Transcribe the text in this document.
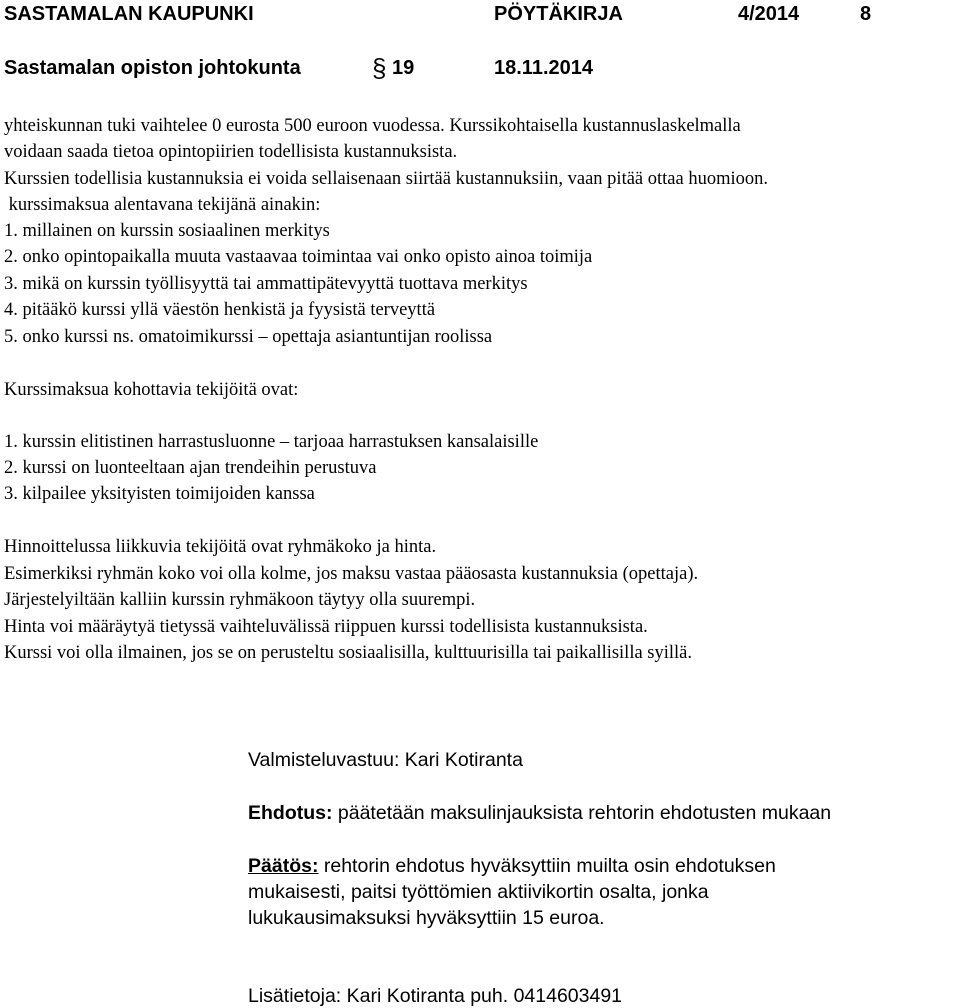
SASTAMALAN KAUPUNKI	PÖYTÄKIRJA	4/2014	8
Sastamalan opiston johtokunta	§ 19	18.11.2014
yhteiskunnan tuki vaihtelee 0 eurosta 500 euroon vuodessa. Kurssikohtaisella kustannuslaskelmalla
voidaan saada tietoa opintopiirien todellisista kustannuksista.
Kurssien todellisia kustannuksia ei voida sellaisenaan siirtää kustannuksiin, vaan pitää ottaa huomioon.
kurssimaksua alentavana tekijänä ainakin:
1. millainen on kurssin sosiaalinen merkitys
2. onko opintopaikalla muuta vastaavaa toimintaa vai onko opisto ainoa toimija
3. mikä on kurssin työllisyyttä tai ammattipätevyyttä tuottava merkitys
4. pitääkö kurssi yllä väestön henkistä ja fyysistä terveyttä
5. onko kurssi ns. omatoimikurssi – opettaja asiantuntijan roolissa
Kurssimaksua kohottavia tekijöitä ovat:
1. kurssin elitistinen harrastusluonne – tarjoaa harrastuksen kansalaisille
2. kurssi on luonteeltaan ajan trendeihin perustuva
3. kilpailee yksityisten toimijoiden kanssa
Hinnoittelussa liikkuvia tekijöitä ovat ryhmäkoko ja hinta.
Esimerkiksi ryhmän koko voi olla kolme, jos maksu vastaa pääosasta kustannuksia (opettaja).
Järjestelyiltään kalliin kurssin ryhmäkoon täytyy olla suurempi.
Hinta voi määräytyä tietyssä vaihteluvälissä riippuen kurssi todellisista kustannuksista.
Kurssi voi olla ilmainen, jos se on perusteltu sosiaalisilla, kulttuurisilla tai paikallisilla syillä.
Valmisteluvastuu: Kari Kotiranta
Ehdotus: päätetään maksulinjauksista rehtorin ehdotusten mukaan
Päätös: rehtorin ehdotus hyväksyttiin muilta osin ehdotuksen
mukaisesti, paitsi työttömien aktiivikortin osalta, jonka
lukukausimaksuksi hyväksyttiin 15 euroa.
Lisätietoja: Kari Kotiranta puh. 0414603491
